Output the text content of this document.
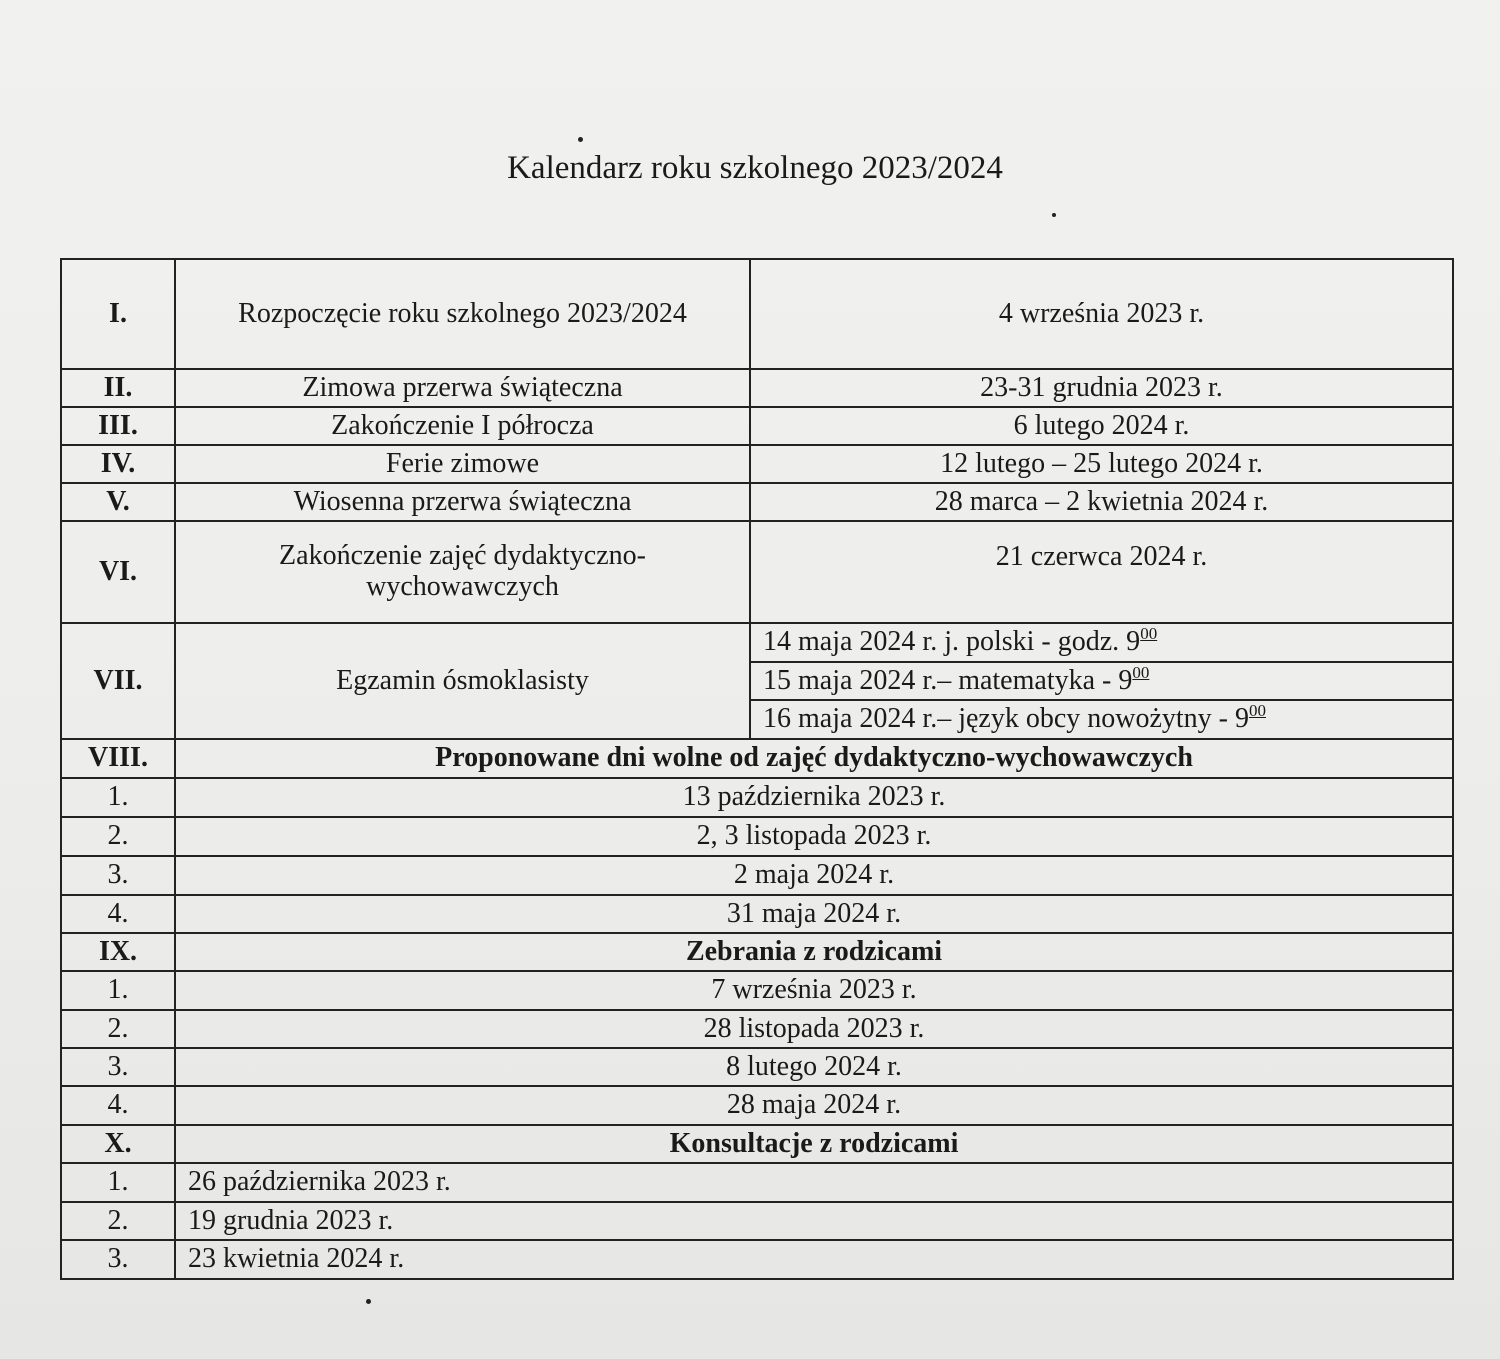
Kalendarz roku szkolnego 2023/2024
I.	Rozpoczęcie roku szkolnego 2023/2024	4 września 2023 r.
II.	Zimowa przerwa świąteczna	23-31 grudnia 2023 r.
III.	Zakończenie I półrocza	6 lutego 2024 r.
IV.	Ferie zimowe	12 lutego – 25 lutego 2024 r.
V.	Wiosenna przerwa świąteczna	28 marca – 2 kwietnia 2024 r.
VI.	Zakończenie zajęć dydaktyczno-wychowawczych	21 czerwca 2024 r.
VII.	Egzamin ósmoklasisty	14 maja 2024 r. j. polski - godz. $9^{00}$
		15 maja 2024 r.– matematyka - $9^{00}$
		16 maja 2024 r.– język obcy nowożytny - $9^{00}$
VIII.	Proponowane dni wolne od zajęć dydaktyczno-wychowawczych	
1.	13 października 2023 r.	
2.	2, 3 listopada 2023 r.	
3.	2 maja 2024 r.	
4.	31 maja 2024 r.	
IX.	Zebrania z rodzicami	
1.	7 września 2023 r.	
2.	28 listopada 2023 r.	
3.	8 lutego 2024 r.	
4.	28 maja 2024 r.	
X.	Konsultacje z rodzicami	
1.	26 października 2023 r.	
2.	19 grudnia 2023 r.	
3.	23 kwietnia 2024 r.	
